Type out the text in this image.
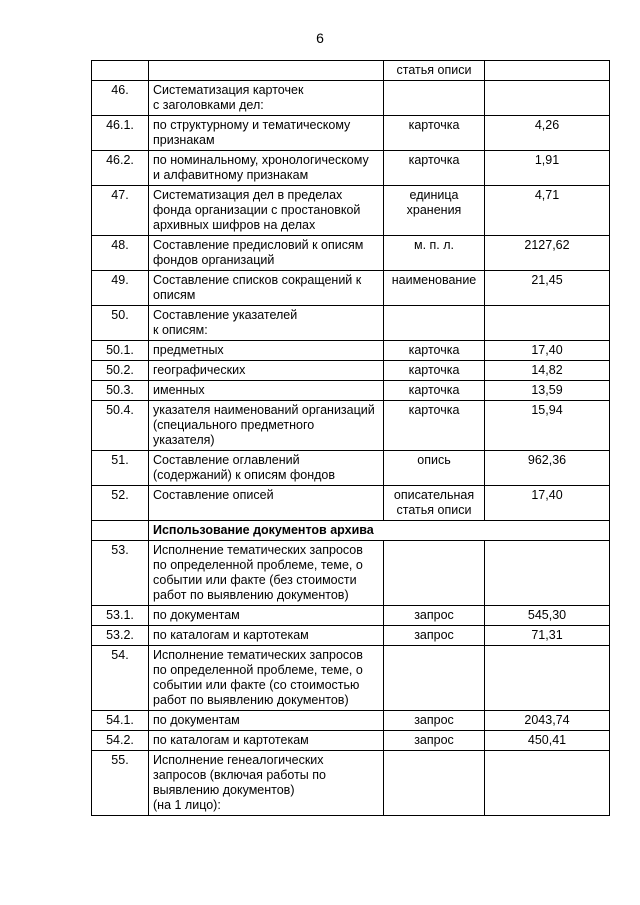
6
		статья описи	
46.	Систематизация карточек
с заголовками дел:		
46.1.	по структурному и тематическому признакам	карточка	4,26
46.2.	по номинальному, хронологическому и алфавитному признакам	карточка	1,91
47.	Систематизация дел в пределах фонда организации с простановкой архивных шифров на делах	единица хранения	4,71
48.	Составление предисловий к описям фондов организаций	м. п. л.	2127,62
49.	Составление списков сокращений к описям	наименование	21,45
50.	Составление указателей
к описям:		
50.1.	предметных	карточка	17,40
50.2.	географических	карточка	14,82
50.3.	именных	карточка	13,59
50.4.	указателя наименований организаций (специального предметного указателя)	карточка	15,94
51.	Составление оглавлений (содержаний) к описям фондов	опись	962,36
52.	Составление описей	описательная статья описи	17,40
	Использование документов архива		
53.	Исполнение тематических запросов по определенной проблеме, теме, о событии или факте (без стоимости работ по выявлению документов)		
53.1.	по документам	запрос	545,30
53.2.	по каталогам и картотекам	запрос	71,31
54.	Исполнение тематических запросов по определенной проблеме, теме, о событии или факте (со стоимостью работ по выявлению документов)		
54.1.	по документам	запрос	2043,74
54.2.	по каталогам и картотекам	запрос	450,41
55.	Исполнение генеалогических запросов (включая работы по выявлению документов)
(на 1 лицо):		
